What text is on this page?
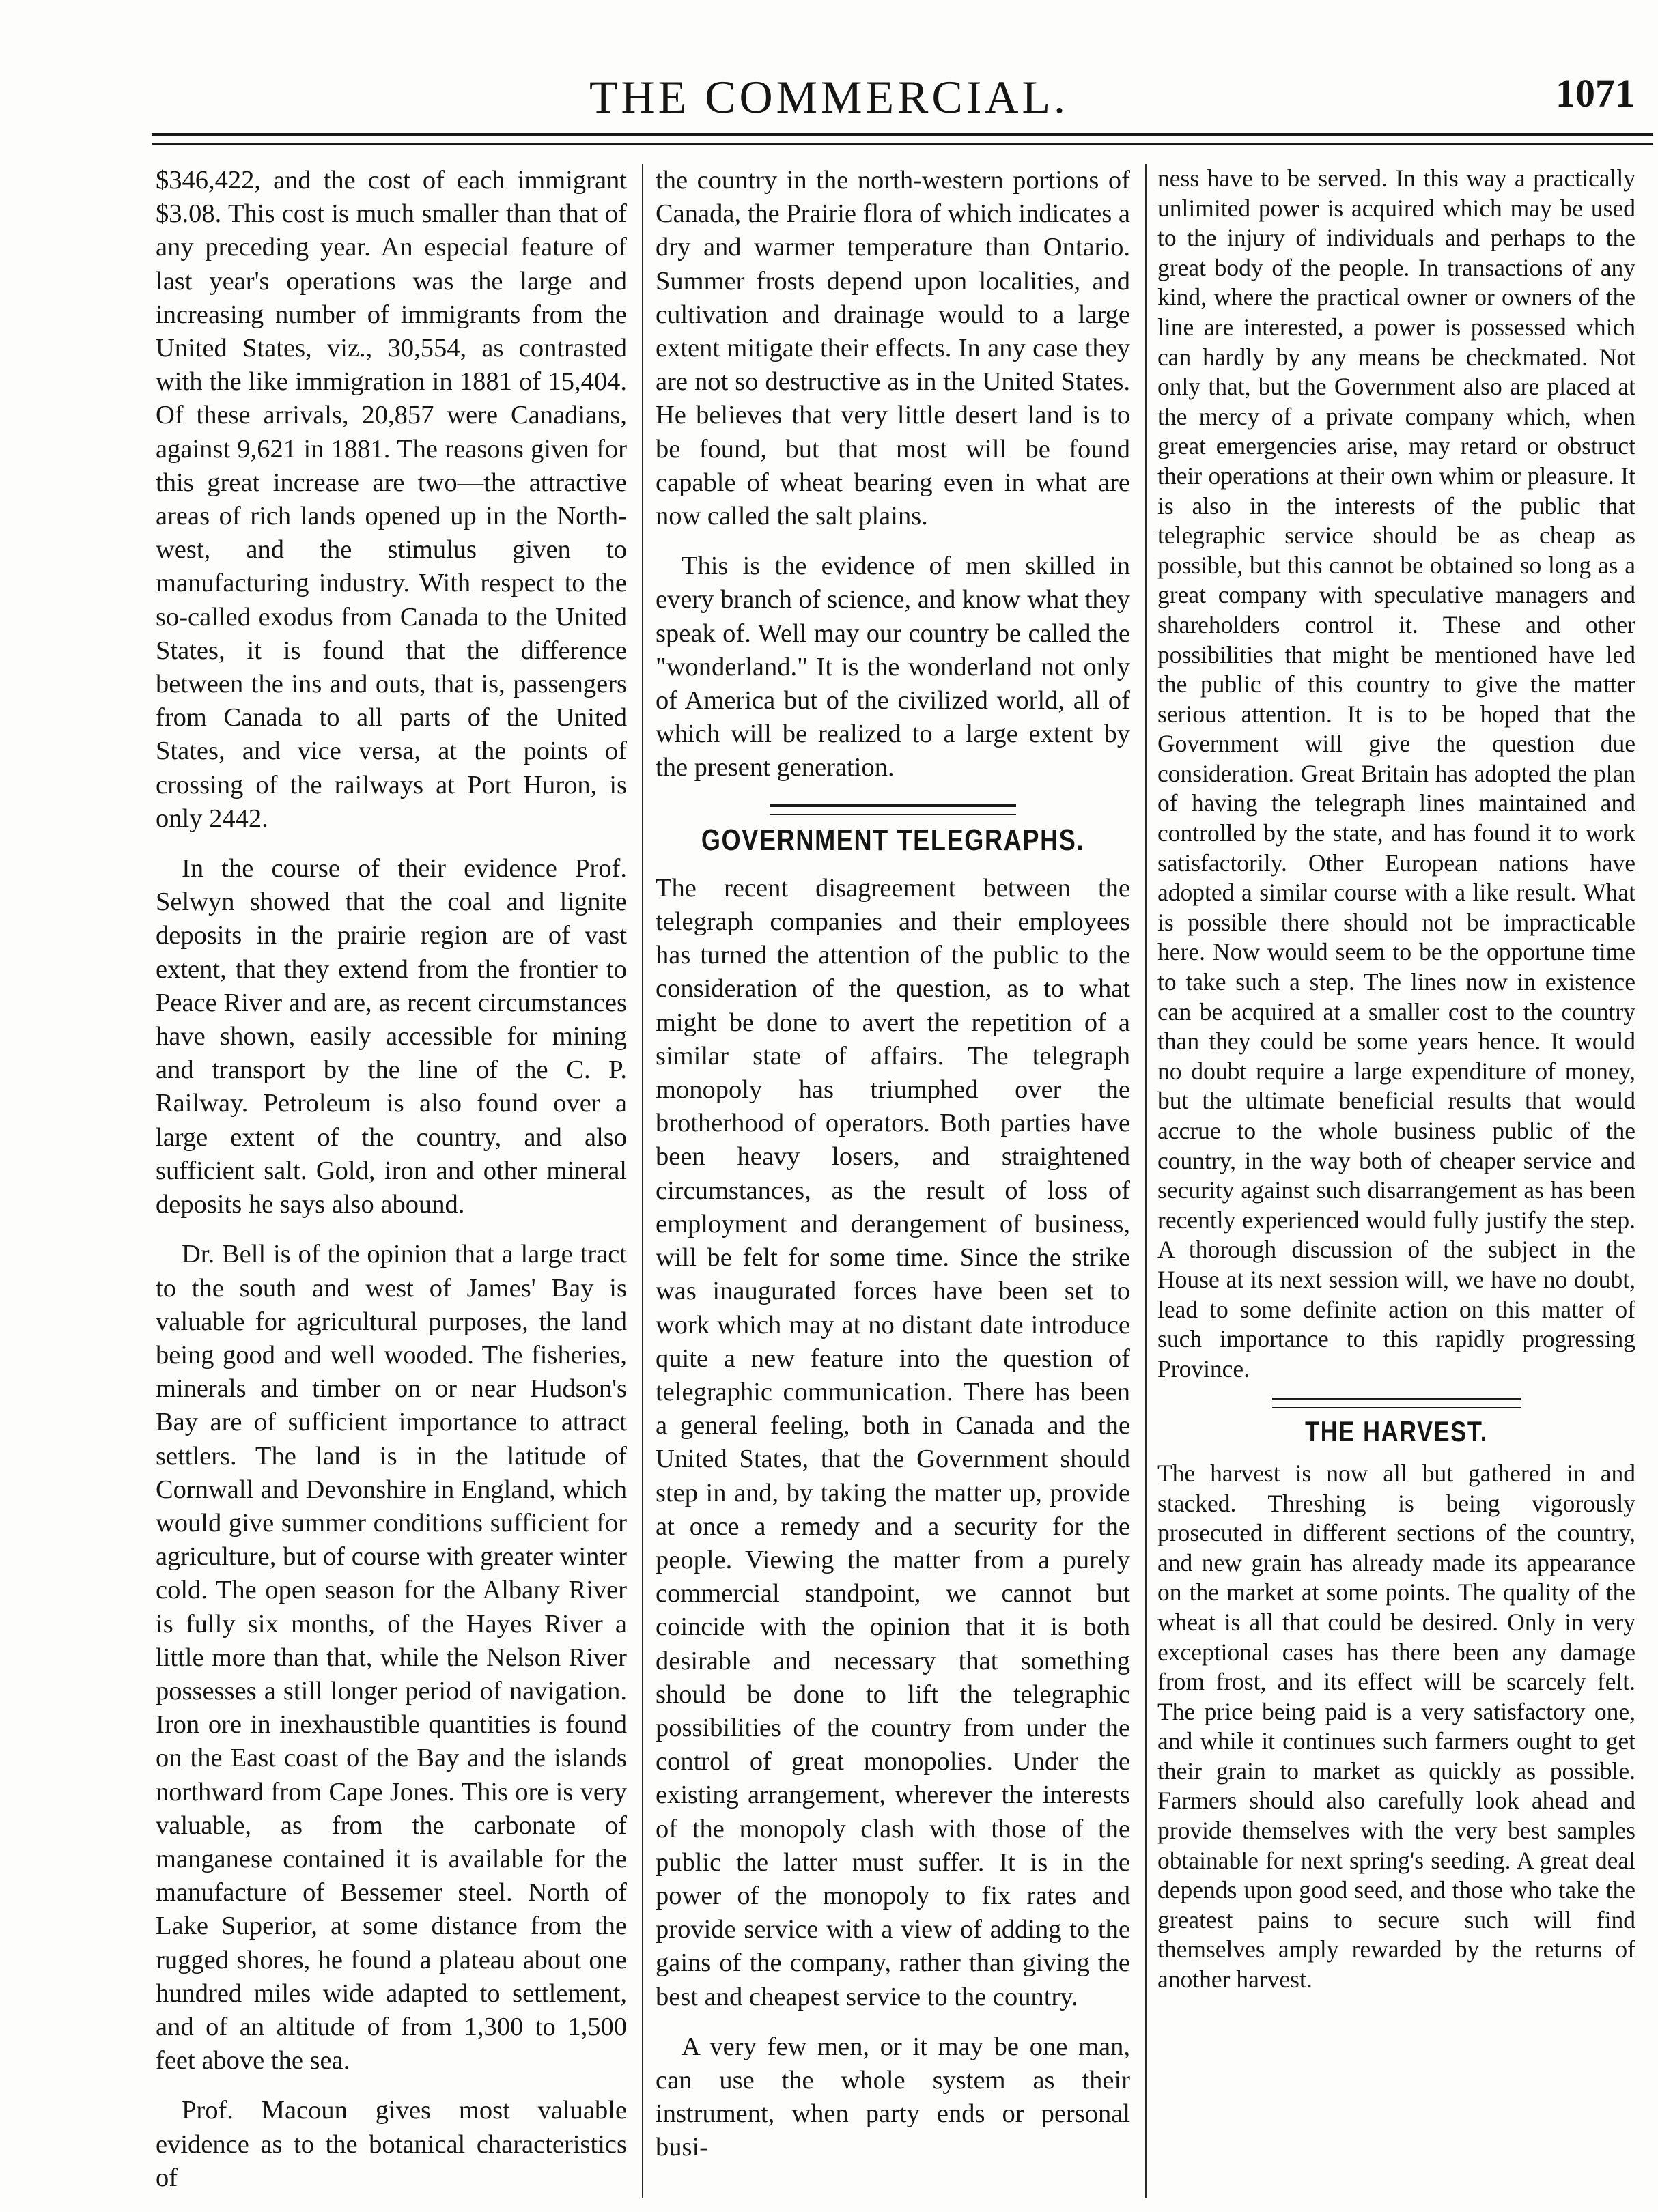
THE COMMERCIAL.	1071

$346,422, and the cost of each immigrant $3.08. This cost is much smaller than that of any preceding year. An especial feature of last year's operations was the large and increasing number of immigrants from the United States, viz., 30,554, as contrasted with the like immigration in 1881 of 15,404. Of these arrivals, 20,857 were Canadians, against 9,621 in 1881. The reasons given for this great increase are two—the attractive areas of rich lands opened up in the North-west, and the stimulus given to manufacturing industry. With respect to the so-called exodus from Canada to the United States, it is found that the difference between the ins and outs, that is, passengers from Canada to all parts of the United States, and vice versa, at the points of crossing of the railways at Port Huron, is only 2442.

In the course of their evidence Prof. Selwyn showed that the coal and lignite deposits in the prairie region are of vast extent, that they extend from the frontier to Peace River and are, as recent circumstances have shown, easily accessible for mining and transport by the line of the C. P. Railway. Petroleum is also found over a large extent of the country, and also sufficient salt. Gold, iron and other mineral deposits he says also abound.

Dr. Bell is of the opinion that a large tract to the south and west of James' Bay is valuable for agricultural purposes, the land being good and well wooded. The fisheries, minerals and timber on or near Hudson's Bay are of sufficient importance to attract settlers. The land is in the latitude of Cornwall and Devonshire in England, which would give summer conditions sufficient for agriculture, but of course with greater winter cold. The open season for the Albany River is fully six months, of the Hayes River a little more than that, while the Nelson River possesses a still longer period of navigation. Iron ore in inexhaustible quantities is found on the East coast of the Bay and the islands northward from Cape Jones. This ore is very valuable, as from the carbonate of manganese contained it is available for the manufacture of Bessemer steel. North of Lake Superior, at some distance from the rugged shores, he found a plateau about one hundred miles wide adapted to settlement, and of an altitude of from 1,300 to 1,500 feet above the sea.

Prof. Macoun gives most valuable evidence as to the botanical characteristics of

the country in the north-western portions of Canada, the Prairie flora of which indicates a dry and warmer temperature than Ontario. Summer frosts depend upon localities, and cultivation and drainage would to a large extent mitigate their effects. In any case they are not so destructive as in the United States. He believes that very little desert land is to be found, but that most will be found capable of wheat bearing even in what are now called the salt plains.

This is the evidence of men skilled in every branch of science, and know what they speak of. Well may our country be called the "wonderland." It is the wonderland not only of America but of the civilized world, all of which will be realized to a large extent by the present generation.

GOVERNMENT TELEGRAPHS.

The recent disagreement between the telegraph companies and their employees has turned the attention of the public to the consideration of the question, as to what might be done to avert the repetition of a similar state of affairs. The telegraph monopoly has triumphed over the brotherhood of operators. Both parties have been heavy losers, and straightened circumstances, as the result of loss of employment and derangement of business, will be felt for some time. Since the strike was inaugurated forces have been set to work which may at no distant date introduce quite a new feature into the question of telegraphic communication. There has been a general feeling, both in Canada and the United States, that the Government should step in and, by taking the matter up, provide at once a remedy and a security for the people. Viewing the matter from a purely commercial standpoint, we cannot but coincide with the opinion that it is both desirable and necessary that something should be done to lift the telegraphic possibilities of the country from under the control of great monopolies. Under the existing arrangement, wherever the interests of the monopoly clash with those of the public the latter must suffer. It is in the power of the monopoly to fix rates and provide service with a view of adding to the gains of the company, rather than giving the best and cheapest service to the country.

A very few men, or it may be one man, can use the whole system as their instrument, when party ends or personal busi-

ness have to be served. In this way a practically unlimited power is acquired which may be used to the injury of individuals and perhaps to the great body of the people. In transactions of any kind, where the practical owner or owners of the line are interested, a power is possessed which can hardly by any means be checkmated. Not only that, but the Government also are placed at the mercy of a private company which, when great emergencies arise, may retard or obstruct their operations at their own whim or pleasure. It is also in the interests of the public that telegraphic service should be as cheap as possible, but this cannot be obtained so long as a great company with speculative managers and shareholders control it. These and other possibilities that might be mentioned have led the public of this country to give the matter serious attention. It is to be hoped that the Government will give the question due consideration. Great Britain has adopted the plan of having the telegraph lines maintained and controlled by the state, and has found it to work satisfactorily. Other European nations have adopted a similar course with a like result. What is possible there should not be impracticable here. Now would seem to be the opportune time to take such a step. The lines now in existence can be acquired at a smaller cost to the country than they could be some years hence. It would no doubt require a large expenditure of money, but the ultimate beneficial results that would accrue to the whole business public of the country, in the way both of cheaper service and security against such disarrangement as has been recently experienced would fully justify the step. A thorough discussion of the subject in the House at its next session will, we have no doubt, lead to some definite action on this matter of such importance to this rapidly progressing Province.

THE HARVEST.

The harvest is now all but gathered in and stacked. Threshing is being vigorously prosecuted in different sections of the country, and new grain has already made its appearance on the market at some points. The quality of the wheat is all that could be desired. Only in very exceptional cases has there been any damage from frost, and its effect will be scarcely felt. The price being paid is a very satisfactory one, and while it continues such farmers ought to get their grain to market as quickly as possible. Farmers should also carefully look ahead and provide themselves with the very best samples obtainable for next spring's seeding. A great deal depends upon good seed, and those who take the greatest pains to secure such will find themselves amply rewarded by the returns of another harvest.
